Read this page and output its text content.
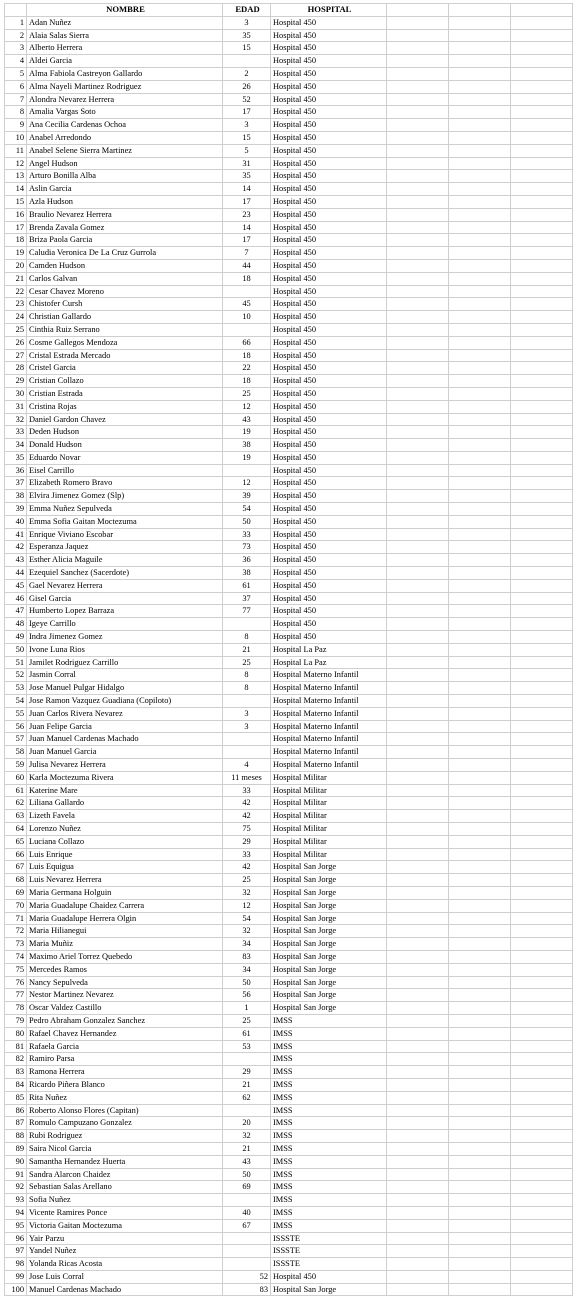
	NOMBRE	EDAD	HOSPITAL			
1	Adan Nuñez	3	Hospital 450			
2	Alaia Salas Sierra	35	Hospital 450			
3	Alberto Herrera	15	Hospital 450			
4	Aldei Garcia		Hospital 450			
5	Alma Fabiola Castreyon Gallardo	2	Hospital 450			
6	Alma Nayeli Martinez Rodriguez	26	Hospital 450			
7	Alondra Nevarez Herrera	52	Hospital 450			
8	Amalia Vargas Soto	17	Hospital 450			
9	Ana Cecilia Cardenas Ochoa	3	Hospital 450			
10	Anabel Arredondo	15	Hospital 450			
11	Anabel Selene Sierra Martinez	5	Hospital 450			
12	Angel Hudson	31	Hospital 450			
13	Arturo Bonilla Alba	35	Hospital 450			
14	Aslin Garcia	14	Hospital 450			
15	Azla Hudson	17	Hospital 450			
16	Braulio Nevarez Herrera	23	Hospital 450			
17	Brenda Zavala Gomez	14	Hospital 450			
18	Briza Paola Garcia	17	Hospital 450			
19	Caludia Veronica De La Cruz Gurrola	7	Hospital 450			
20	Camden Hudson	44	Hospital 450			
21	Carlos Galvan	18	Hospital 450			
22	Cesar Chavez Moreno		Hospital 450			
23	Chistofer Cursh	45	Hospital 450			
24	Christian Gallardo	10	Hospital 450			
25	Cinthia Ruiz Serrano		Hospital 450			
26	Cosme Gallegos Mendoza	66	Hospital 450			
27	Cristal Estrada Mercado	18	Hospital 450			
28	Cristel Garcia	22	Hospital 450			
29	Cristian Collazo	18	Hospital 450			
30	Cristian Estrada	25	Hospital 450			
31	Cristina Rojas	12	Hospital 450			
32	Daniel Gardon Chavez	43	Hospital 450			
33	Deden Hudson	19	Hospital 450			
34	Donald Hudson	38	Hospital 450			
35	Eduardo Novar	19	Hospital 450			
36	Eisel Carrillo		Hospital 450			
37	Elizabeth Romero Bravo	12	Hospital 450			
38	Elvira Jimenez Gomez (Slp)	39	Hospital 450			
39	Emma Nuñez Sepulveda	54	Hospital 450			
40	Emma Sofia Gaitan Moctezuma	50	Hospital 450			
41	Enrique Viviano Escobar	33	Hospital 450			
42	Esperanza Jaquez	73	Hospital 450			
43	Esther Alicia Maguile	36	Hospital 450			
44	Ezequiel Sanchez (Sacerdote)	38	Hospital 450			
45	Gael Nevarez Herrera	61	Hospital 450			
46	Gisel Garcia	37	Hospital 450			
47	Humberto Lopez Barraza	77	Hospital 450			
48	Igeye Carrillo		Hospital 450			
49	Indra Jimenez Gomez	8	Hospital 450			
50	Ivone Luna Rios	21	Hospital La Paz			
51	Jamilet Rodriguez Carrillo	25	Hospital La Paz			
52	Jasmin Corral	8	Hospital Materno Infantil			
53	Jose Manuel Pulgar Hidalgo	8	Hospital Materno Infantil			
54	Jose Ramon Vazquez Guadiana (Copiloto)		Hospital Materno Infantil			
55	Juan Carlos Rivera Nevarez	3	Hospital Materno Infantil			
56	Juan Felipe Garcia	3	Hospital Materno Infantil			
57	Juan Manuel Cardenas Machado		Hospital Materno Infantil			
58	Juan Manuel Garcia		Hospital Materno Infantil			
59	Julisa Nevarez Herrera	4	Hospital Materno Infantil			
60	Karla Moctezuma Rivera	11 meses	Hospital Militar			
61	Katerine Mare	33	Hospital Militar			
62	Liliana Gallardo	42	Hospital Militar			
63	Lizeth Favela	42	Hospital Militar			
64	Lorenzo Nuñez	75	Hospital Militar			
65	Luciana Collazo	29	Hospital Militar			
66	Luis Enrique	33	Hospital Militar			
67	Luis Equigua	42	Hospital San Jorge			
68	Luis Nevarez Herrera	25	Hospital San Jorge			
69	Maria Germana Holguin	32	Hospital San Jorge			
70	Maria Guadalupe Chaidez Carrera	12	Hospital San Jorge			
71	Maria Guadalupe Herrera Olgin	54	Hospital San Jorge			
72	Maria Hilianegui	32	Hospital San Jorge			
73	Maria Muñiz	34	Hospital San Jorge			
74	Maximo Ariel Torrez Quebedo	83	Hospital San Jorge			
75	Mercedes Ramos	34	Hospital San Jorge			
76	Nancy Sepulveda	50	Hospital San Jorge			
77	Nestor Martinez Nevarez	56	Hospital San Jorge			
78	Oscar Valdez Castillo	1	Hospital San Jorge			
79	Pedro Abraham Gonzalez Sanchez	25	IMSS			
80	Rafael Chavez Hernandez	61	IMSS			
81	Rafaela Garcia	53	IMSS			
82	Ramiro Parsa		IMSS			
83	Ramona Herrera	29	IMSS			
84	Ricardo Piñera Blanco	21	IMSS			
85	Rita Nuñez	62	IMSS			
86	Roberto Alonso Flores (Capitan)		IMSS			
87	Romulo Campuzano Gonzalez	20	IMSS			
88	Rubi Rodriguez	32	IMSS			
89	Saira Nicol Garcia	21	IMSS			
90	Samantha Hernandez Huerta	43	IMSS			
91	Sandra Alarcon Chaidez	50	IMSS			
92	Sebastian Salas Arellano	69	IMSS			
93	Sofia Nuñez		IMSS			
94	Vicente Ramires Ponce	40	IMSS			
95	Victoria Gaitan Moctezuma	67	IMSS			
96	Yair Parzu		ISSSTE			
97	Yandel Nuñez		ISSSTE			
98	Yolanda Ricas Acosta		ISSSTE			
99	Jose Luis Corral	52	Hospital 450			
100	Manuel Cardenas Machado	83	Hospital San Jorge			
